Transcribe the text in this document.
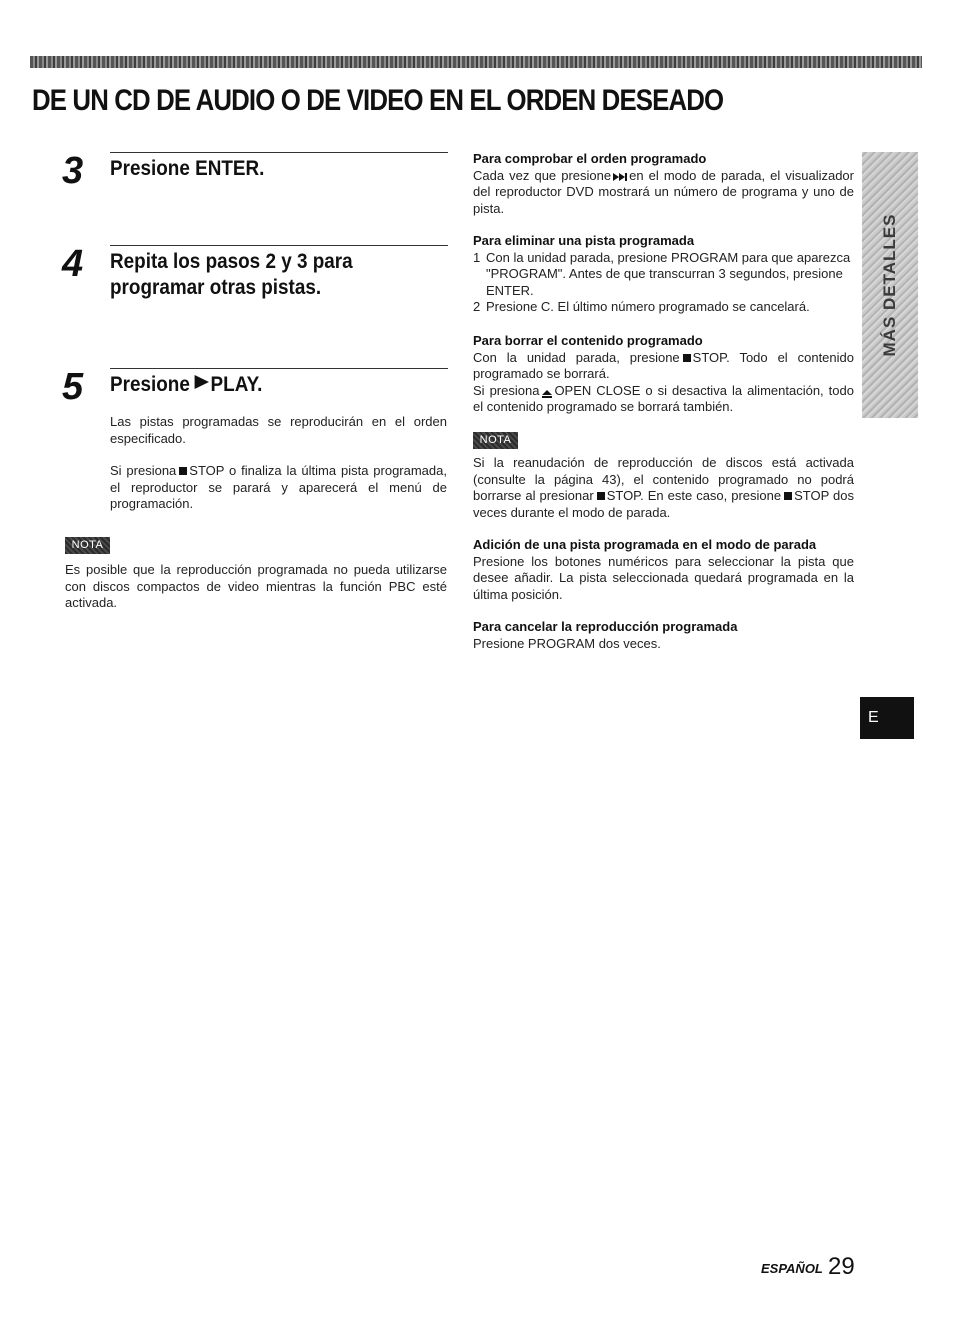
DE UN CD DE AUDIO O DE VIDEO EN EL ORDEN DESEADO
3 Presione ENTER.
4 Repita los pasos 2 y 3 para programar otras pistas.
5 Presione PLAY.

Las pistas programadas se reproducirán en el orden especificado.

Si presiona STOP o finaliza la última pista programada, el reproductor se parará y aparecerá el menú de programación.

NOTA

Es posible que la reproducción programada no pueda utilizarse con discos compactos de video mientras la función PBC esté activada.

Para comprobar el orden programado

Cada vez que presione en el modo de parada, el visualizador del reproductor DVD mostrará un número de programa y uno de pista.

Para eliminar una pista programada

1 Con la unidad parada, presione PROGRAM para que aparezca "PROGRAM". Antes de que transcurran 3 segundos, presione ENTER.
2 Presione C. El último número programado se cancelará.

Para borrar el contenido programado

Con la unidad parada, presione STOP. Todo el contenido programado se borrará.

Si presiona OPEN CLOSE o si desactiva la alimentación, todo el contenido programado se borrará también.

NOTA

Si la reanudación de reproducción de discos está activada (consulte la página 43), el contenido programado no podrá borrarse al presionar STOP. En este caso, presione STOP dos veces durante el modo de parada.

Adición de una pista programada en el modo de parada

Presione los botones numéricos para seleccionar la pista que desee añadir. La pista seleccionada quedará programada en la última posición.

Para cancelar la reproducción programada

Presione PROGRAM dos veces.

MÁS DETALLES
E
ESPAÑOL 29
